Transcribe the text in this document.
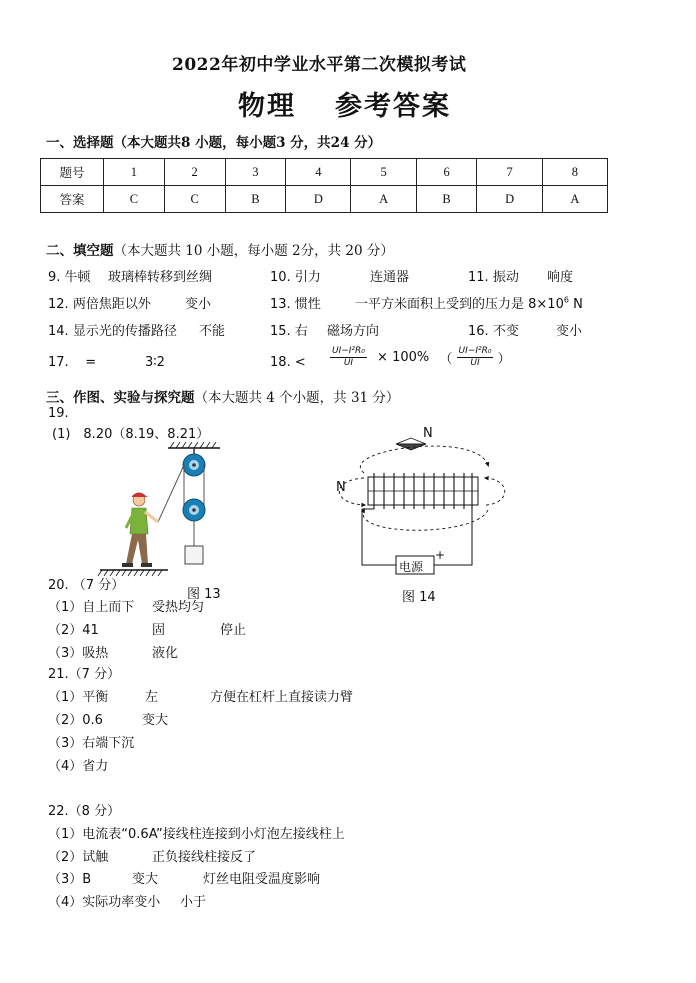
2022年初中学业水平第二次模拟考试
物理 参考答案
一、选择题（本大题共8 小题，每小题3 分，共24 分）
题号	1	2	3	4	5	6	7	8
答案	C	C	B	D	A	B	D	A
二、填空题（本大题共 10 小题，每小题 2分，共 20 分）
9. 牛顿 玻璃棒转移到丝绸	10. 引力	连通器	11. 振动 响度
12. 两倍焦距以外	变小	13. 惯性	一平方米面积上受到的压力是 $8\times 10^6$ N
14. 显示光的传播路径 不能	15. 右 磁场方向	16. 不变	变小
17. =	3∶2	18. <	$\frac{\text{UI−I²R₀}}{UI} \times 100\%$ （ $\frac{\text{UI−I²R₀}}{UI}$ ）
三、作图、实验与探究题（本大题共 4 个小题，共 31 分）
19.
(1)　8.20（8.19、8.21）
图 13
N
N
电源
+
图 14
20. （7 分）
（1）自上而下 受热均匀
（2）41	固	停止
（3）吸热	液化
21.（7 分）
（1）平衡	左	方便在杠杆上直接读力臂
（2）0.6	变大
（3）右端下沉
（4）省力
22.（8 分）
（1）电流表“0.6A”接线柱连接到小灯泡左接线柱上
（2）试触	正负接线柱接反了
（3）B	变大	灯丝电阻受温度影响
（4）实际功率变小 小于
